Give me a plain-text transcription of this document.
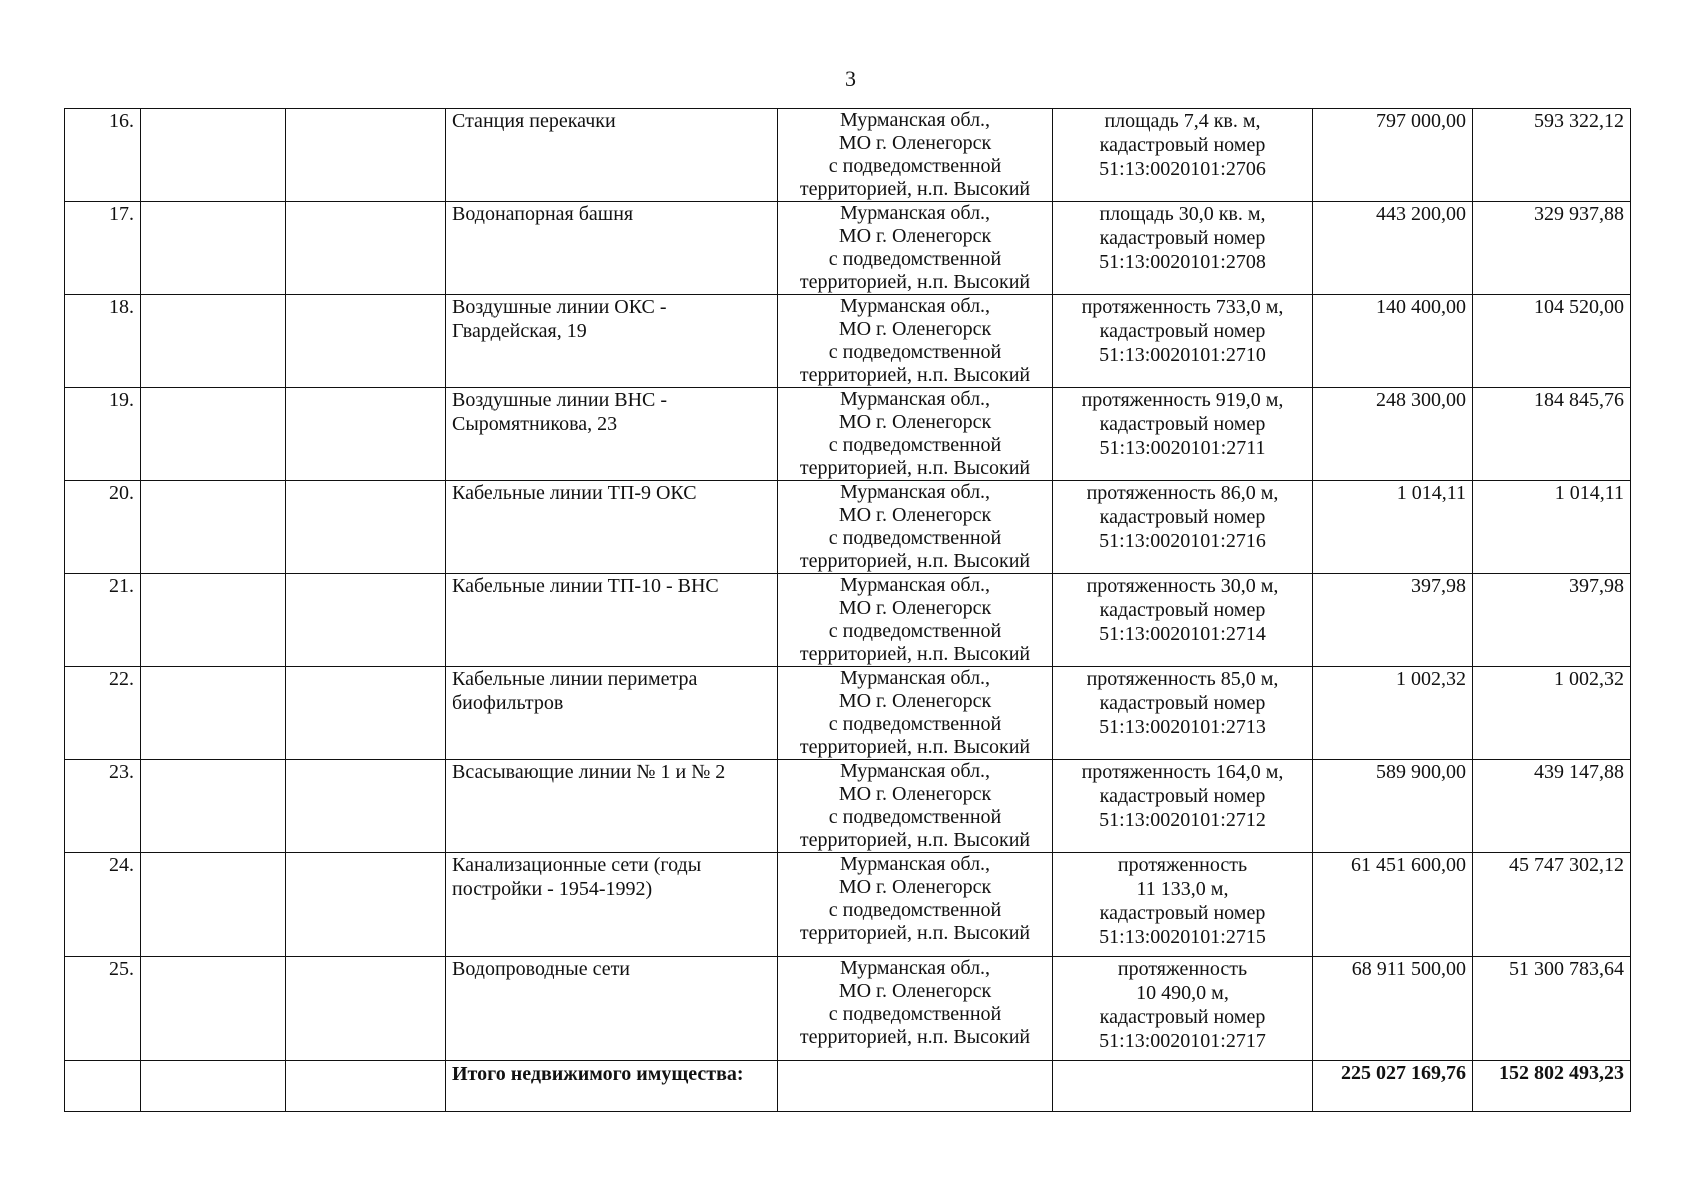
3
16.			Станция перекачки	Мурманская обл.,
МО г. Оленегорск
с подведомственной
территорией, н.п. Высокий	площадь 7,4 кв. м,
кадастровый номер
51:13:0020101:2706	797 000,00	593 322,12
17.			Водонапорная башня	Мурманская обл.,
МО г. Оленегорск
с подведомственной
территорией, н.п. Высокий	площадь 30,0 кв. м,
кадастровый номер
51:13:0020101:2708	443 200,00	329 937,88
18.			Воздушные линии ОКС - Гвардейская, 19	Мурманская обл.,
МО г. Оленегорск
с подведомственной
территорией, н.п. Высокий	протяженность 733,0 м,
кадастровый номер
51:13:0020101:2710	140 400,00	104 520,00
19.			Воздушные линии ВНС - Сыромятникова, 23	Мурманская обл.,
МО г. Оленегорск
с подведомственной
территорией, н.п. Высокий	протяженность 919,0 м,
кадастровый номер
51:13:0020101:2711	248 300,00	184 845,76
20.			Кабельные линии ТП-9 ОКС	Мурманская обл.,
МО г. Оленегорск
с подведомственной
территорией, н.п. Высокий	протяженность 86,0 м,
кадастровый номер
51:13:0020101:2716	1 014,11	1 014,11
21.			Кабельные линии ТП-10 - ВНС	Мурманская обл.,
МО г. Оленегорск
с подведомственной
территорией, н.п. Высокий	протяженность 30,0 м,
кадастровый номер
51:13:0020101:2714	397,98	397,98
22.			Кабельные линии периметра биофильтров	Мурманская обл.,
МО г. Оленегорск
с подведомственной
территорией, н.п. Высокий	протяженность 85,0 м,
кадастровый номер
51:13:0020101:2713	1 002,32	1 002,32
23.			Всасывающие линии № 1 и № 2	Мурманская обл.,
МО г. Оленегорск
с подведомственной
территорией, н.п. Высокий	протяженность 164,0 м,
кадастровый номер
51:13:0020101:2712	589 900,00	439 147,88
24.			Канализационные сети (годы постройки - 1954-1992)	Мурманская обл.,
МО г. Оленегорск
с подведомственной
территорией, н.п. Высокий	протяженность
11 133,0 м,
кадастровый номер
51:13:0020101:2715	61 451 600,00	45 747 302,12
25.			Водопроводные сети	Мурманская обл.,
МО г. Оленегорск
с подведомственной
территорией, н.п. Высокий	протяженность
10 490,0 м,
кадастровый номер
51:13:0020101:2717	68 911 500,00	51 300 783,64
			Итого недвижимого имущества:			225 027 169,76	152 802 493,23
